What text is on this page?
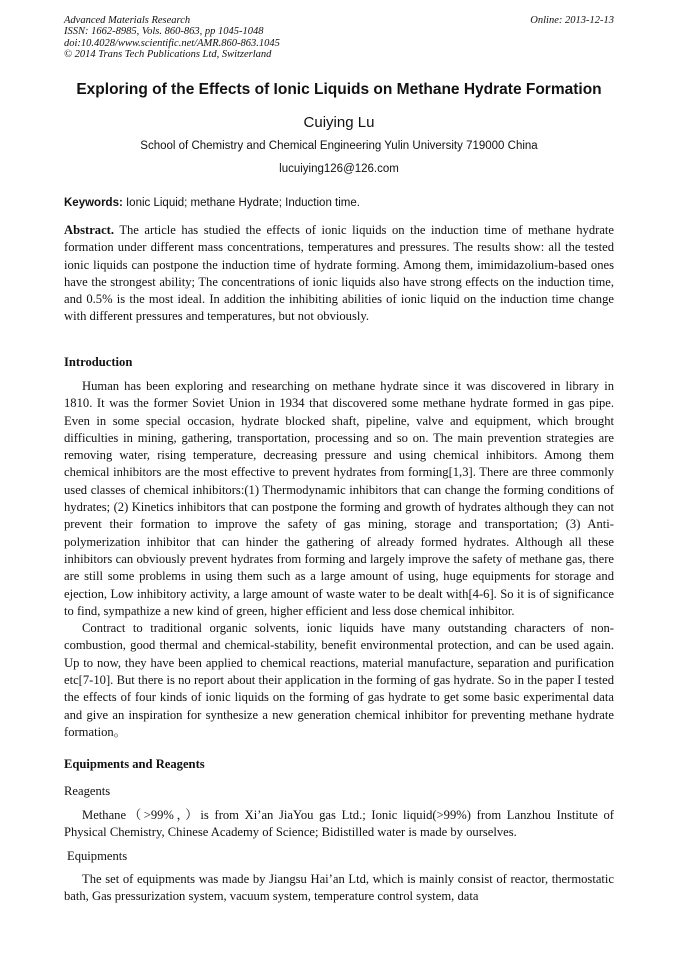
Advanced Materials Research
ISSN: 1662-8985, Vols. 860-863, pp 1045-1048
doi:10.4028/www.scientific.net/AMR.860-863.1045
© 2014 Trans Tech Publications Ltd, Switzerland
Online: 2013-12-13
Exploring of the Effects of Ionic Liquids on Methane Hydrate Formation
Cuiying Lu
School of Chemistry and Chemical Engineering Yulin University 719000 China
lucuiying126@126.com
Keywords: Ionic Liquid; methane Hydrate; Induction time.

Abstract. The article has studied the effects of ionic liquids on the induction time of methane hydrate formation under different mass concentrations, temperatures and pressures. The results show: all the tested ionic liquids can postpone the induction time of hydrate forming. Among them, imimidazolium-based ones have the strongest ability; The concentrations of ionic liquids also have strong effects on the induction time, and 0.5% is the most ideal. In addition the inhibiting abilities of ionic liquid on the induction time change with different pressures and temperatures, but not obviously.

Introduction

Human has been exploring and researching on methane hydrate since it was discovered in library in 1810. It was the former Soviet Union in 1934 that discovered some methane hydrate formed in gas pipe. Even in some special occasion, hydrate blocked shaft, pipeline, valve and equipment, which brought difficulties in mining, gathering, transportation, processing and so on. The main prevention strategies are removing water, rising temperature, decreasing pressure and using chemical inhibitors. Among them chemical inhibitors are the most effective to prevent hydrates from forming[1,3]. There are three commonly used classes of chemical inhibitors:(1) Thermodynamic inhibitors that can change the forming conditions of hydrates; (2) Kinetics inhibitors that can postpone the forming and growth of hydrates although they can not prevent their formation to improve the safety of gas mining, storage and transportation; (3) Anti-polymerization inhibitor that can hinder the gathering of already formed hydrates. Although all these inhibitors can obviously prevent hydrates from forming and largely improve the safety of methane gas, there are still some problems in using them such as a large amount of using, huge equipments for storage and ejection, Low inhibitory activity, a large amount of waste water to be dealt with[4-6]. So it is of significance to find, sympathize a new kind of green, higher efficient and less dose chemical inhibitor.

Contract to traditional organic solvents, ionic liquids have many outstanding characters of non-combustion, good thermal and chemical-stability, benefit environmental protection, and can be used again. Up to now, they have been applied to chemical reactions, material manufacture, separation and purification etc[7-10]. But there is no report about their application in the forming of gas hydrate. So in the paper I tested the effects of four kinds of ionic liquids on the forming of gas hydrate to get some basic experimental data and give an inspiration for synthesize a new generation chemical inhibitor for preventing methane hydrate formation。

Equipments and Reagents
Reagents

Methane（>99%，）is from Xi’an JiaYou gas Ltd.; Ionic liquid(>99%) from Lanzhou Institute of Physical Chemistry, Chinese Academy of Science; Bidistilled water is made by ourselves.

Equipments

The set of equipments was made by Jiangsu Hai’an Ltd, which is mainly consist of reactor, thermostatic bath, Gas pressurization system, vacuum system, temperature control system, data
